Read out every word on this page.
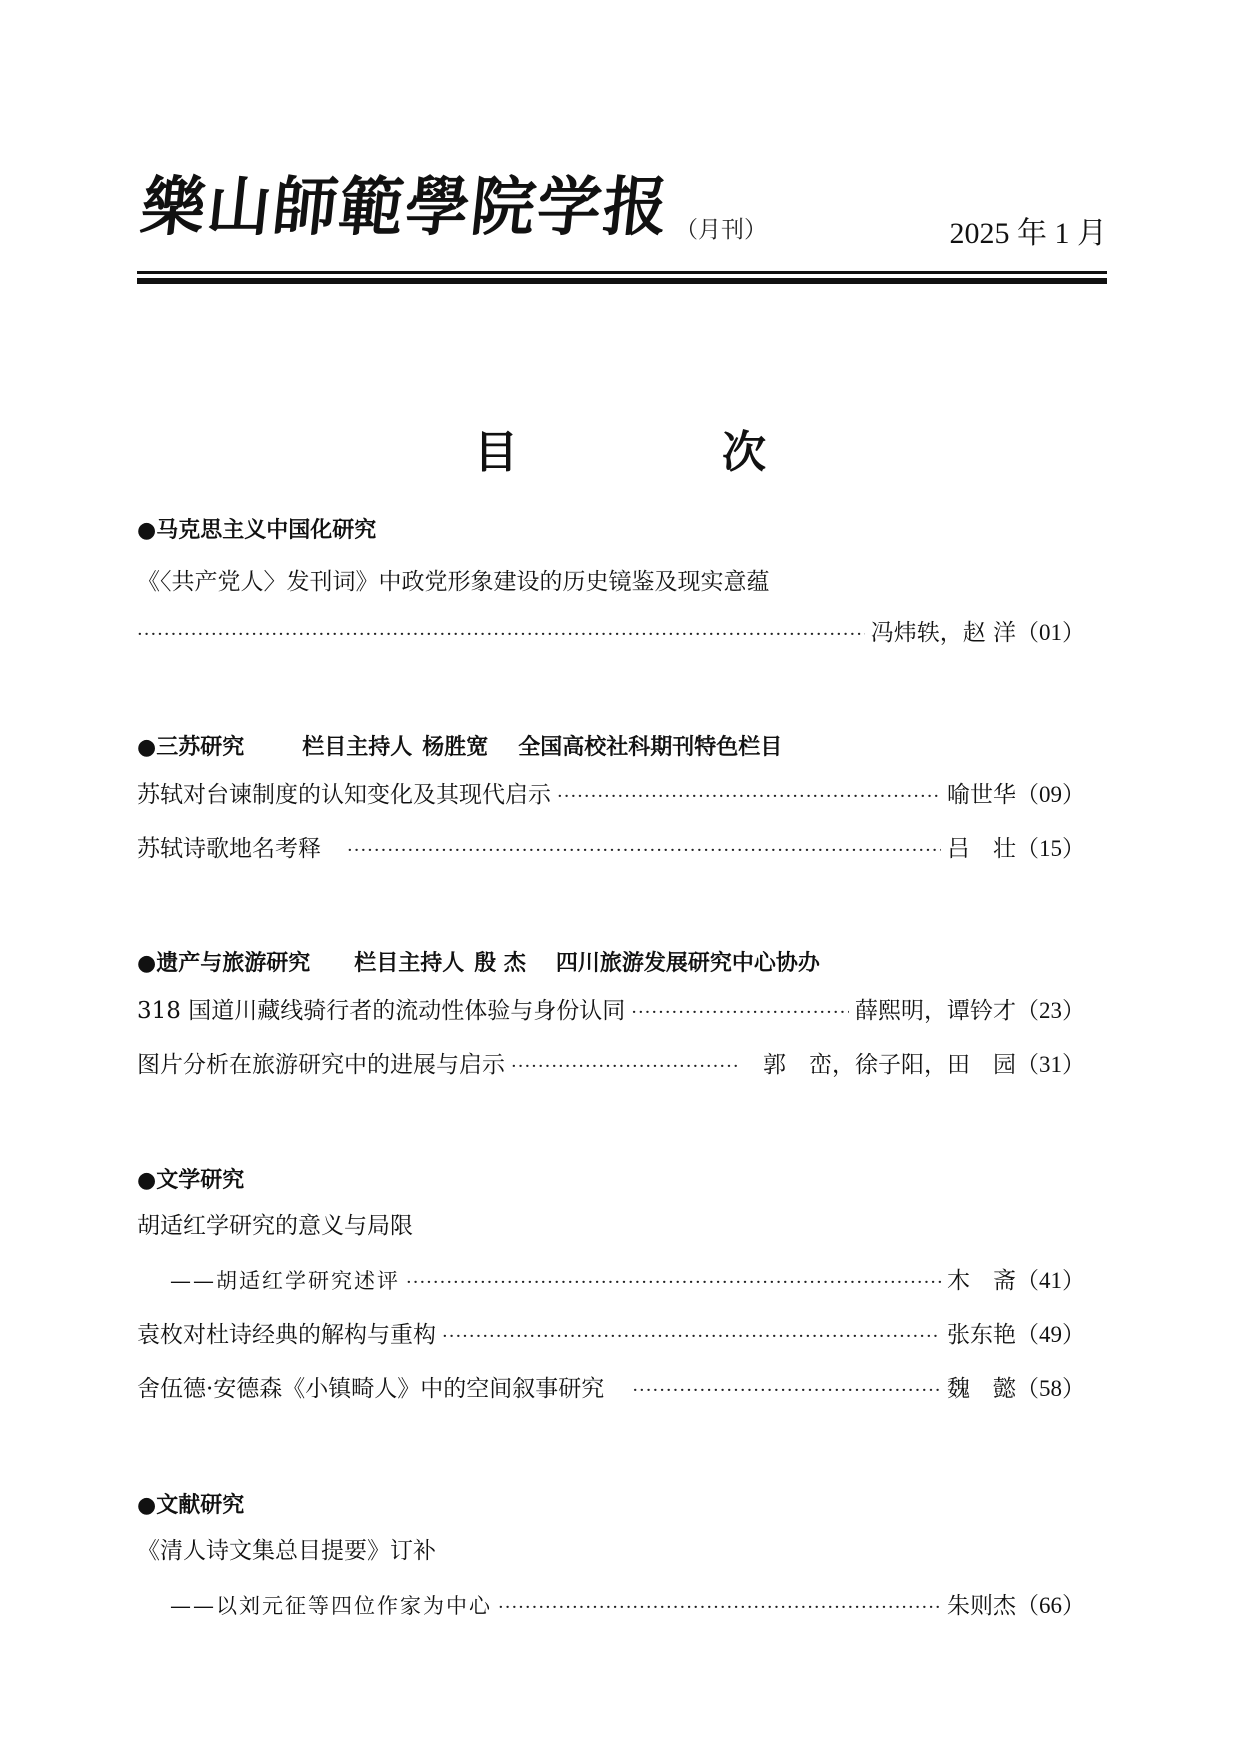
樂山師範學院学报 （月刊）	2025 年 1 月
目　次
●马克思主义中国化研究
《〈共产党人〉发刊词》中政党形象建设的历史镜鉴及现实意蕴
·····
冯炜轶，赵 洋 （01）
●三苏研究	栏目主持人 杨胜宽 全国高校社科期刊特色栏目
苏轼对台谏制度的认知变化及其现代启示 ·····	喻世华 （09）
苏轼诗歌地名考释 ·····	吕　壮 （15）
●遗产与旅游研究 栏目主持人 殷 杰 四川旅游发展研究中心协办
318 国道川藏线骑行者的流动性体验与身份认同 ·····	薛熙明，谭钤才 （23）
图片分析在旅游研究中的进展与启示 ·····	郭　峦，徐子阳，田　园 （31）
●文学研究
胡适红学研究的意义与局限
——胡适红学研究述评 ·····	木　斋 （41）
袁枚对杜诗经典的解构与重构 ·····	张东艳 （49）
舍伍德·安德森《小镇畸人》中的空间叙事研究 ·····	魏　懿 （58）
●文献研究
《清人诗文集总目提要》订补
——以刘元征等四位作家为中心 ·····	朱则杰 （66）
